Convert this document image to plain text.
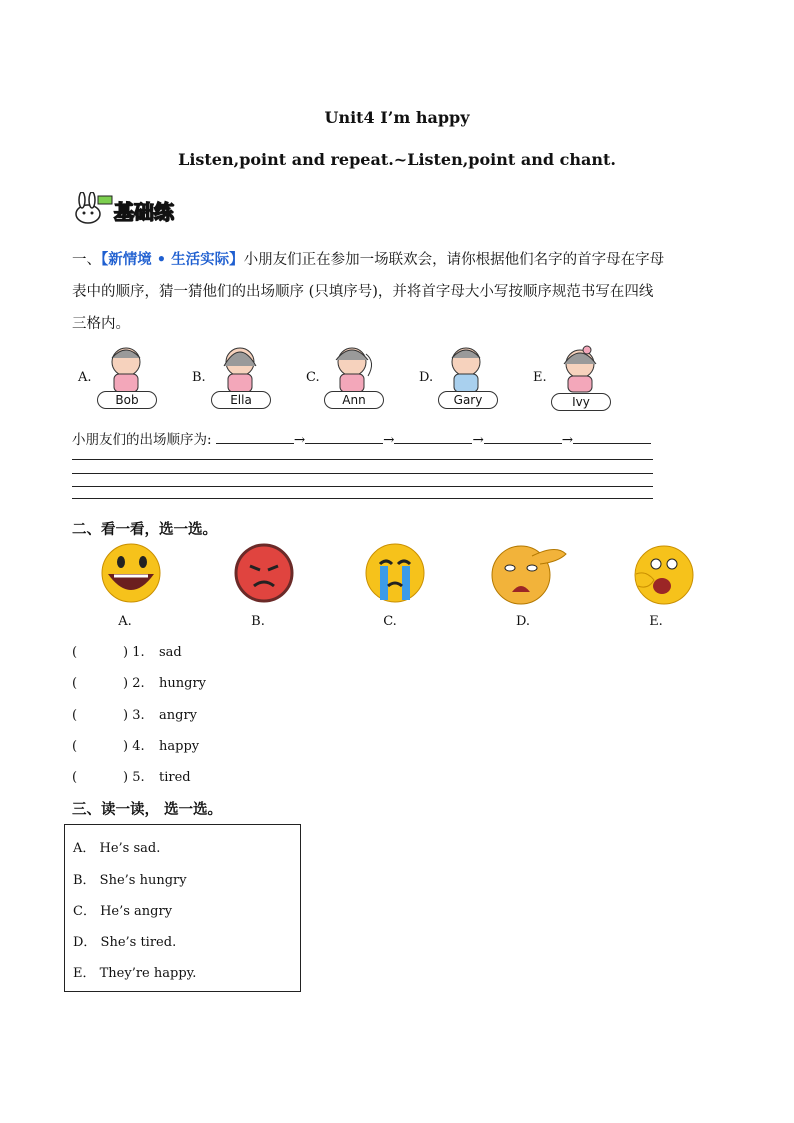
Unit4 I’m happy
Listen,point and repeat.~Listen,point and chant.
基础练
一、【新情境 • 生活实际】小朋友们正在参加一场联欢会，请你根据他们名字的首字母在字母
表中的顺序，猜一猜他们的出场顺序 (只填序号)，并将首字母大小写按顺序规范书写在四线
三格内。
A.	B.	C.	D.	E.
Bob	Ella	Ann	Gary	Ivy
小朋友们的出场顺序为:	→	→	→	→
二、看一看，选一选。
A.	B.	C.	D.	E.
(	) 1. sad
(	) 2. hungry
(	) 3. angry
(	) 4. happy
(	) 5. tired
三、读一读， 选一选。
A． He’s sad.
B． She’s hungry
C． He’s angry
D． She’s tired.
E． They’re happy.
